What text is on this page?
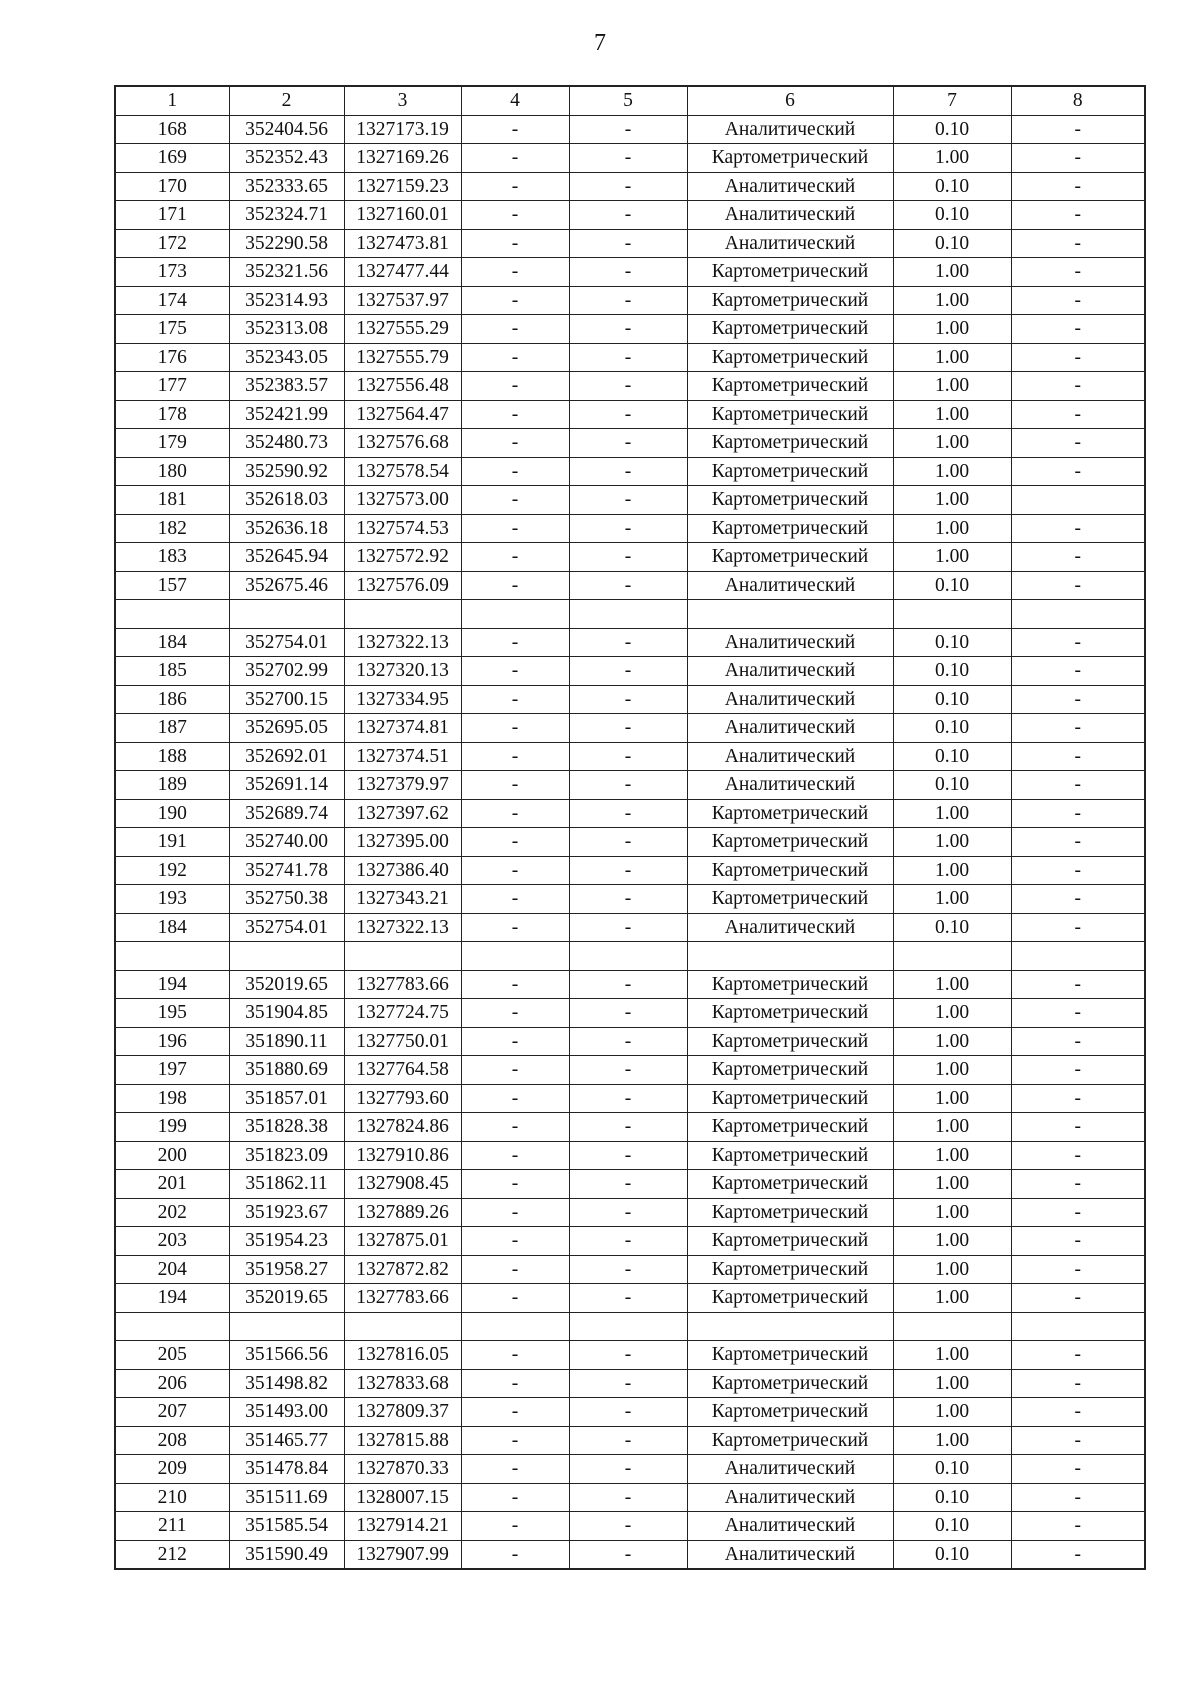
7
1	2	3	4	5	6	7	8
168	352404.56	1327173.19	-	-	Аналитический	0.10	-
169	352352.43	1327169.26	-	-	Картометрический	1.00	-
170	352333.65	1327159.23	-	-	Аналитический	0.10	-
171	352324.71	1327160.01	-	-	Аналитический	0.10	-
172	352290.58	1327473.81	-	-	Аналитический	0.10	-
173	352321.56	1327477.44	-	-	Картометрический	1.00	-
174	352314.93	1327537.97	-	-	Картометрический	1.00	-
175	352313.08	1327555.29	-	-	Картометрический	1.00	-
176	352343.05	1327555.79	-	-	Картометрический	1.00	-
177	352383.57	1327556.48	-	-	Картометрический	1.00	-
178	352421.99	1327564.47	-	-	Картометрический	1.00	-
179	352480.73	1327576.68	-	-	Картометрический	1.00	-
180	352590.92	1327578.54	-	-	Картометрический	1.00	-
181	352618.03	1327573.00	-	-	Картометрический	1.00	
182	352636.18	1327574.53	-	-	Картометрический	1.00	-
183	352645.94	1327572.92	-	-	Картометрический	1.00	-
157	352675.46	1327576.09	-	-	Аналитический	0.10	-

184	352754.01	1327322.13	-	-	Аналитический	0.10	-
185	352702.99	1327320.13	-	-	Аналитический	0.10	-
186	352700.15	1327334.95	-	-	Аналитический	0.10	-
187	352695.05	1327374.81	-	-	Аналитический	0.10	-
188	352692.01	1327374.51	-	-	Аналитический	0.10	-
189	352691.14	1327379.97	-	-	Аналитический	0.10	-
190	352689.74	1327397.62	-	-	Картометрический	1.00	-
191	352740.00	1327395.00	-	-	Картометрический	1.00	-
192	352741.78	1327386.40	-	-	Картометрический	1.00	-
193	352750.38	1327343.21	-	-	Картометрический	1.00	-
184	352754.01	1327322.13	-	-	Аналитический	0.10	-

194	352019.65	1327783.66	-	-	Картометрический	1.00	-
195	351904.85	1327724.75	-	-	Картометрический	1.00	-
196	351890.11	1327750.01	-	-	Картометрический	1.00	-
197	351880.69	1327764.58	-	-	Картометрический	1.00	-
198	351857.01	1327793.60	-	-	Картометрический	1.00	-
199	351828.38	1327824.86	-	-	Картометрический	1.00	-
200	351823.09	1327910.86	-	-	Картометрический	1.00	-
201	351862.11	1327908.45	-	-	Картометрический	1.00	-
202	351923.67	1327889.26	-	-	Картометрический	1.00	-
203	351954.23	1327875.01	-	-	Картометрический	1.00	-
204	351958.27	1327872.82	-	-	Картометрический	1.00	-
194	352019.65	1327783.66	-	-	Картометрический	1.00	-

205	351566.56	1327816.05	-	-	Картометрический	1.00	-
206	351498.82	1327833.68	-	-	Картометрический	1.00	-
207	351493.00	1327809.37	-	-	Картометрический	1.00	-
208	351465.77	1327815.88	-	-	Картометрический	1.00	-
209	351478.84	1327870.33	-	-	Аналитический	0.10	-
210	351511.69	1328007.15	-	-	Аналитический	0.10	-
211	351585.54	1327914.21	-	-	Аналитический	0.10	-
212	351590.49	1327907.99	-	-	Аналитический	0.10	-
